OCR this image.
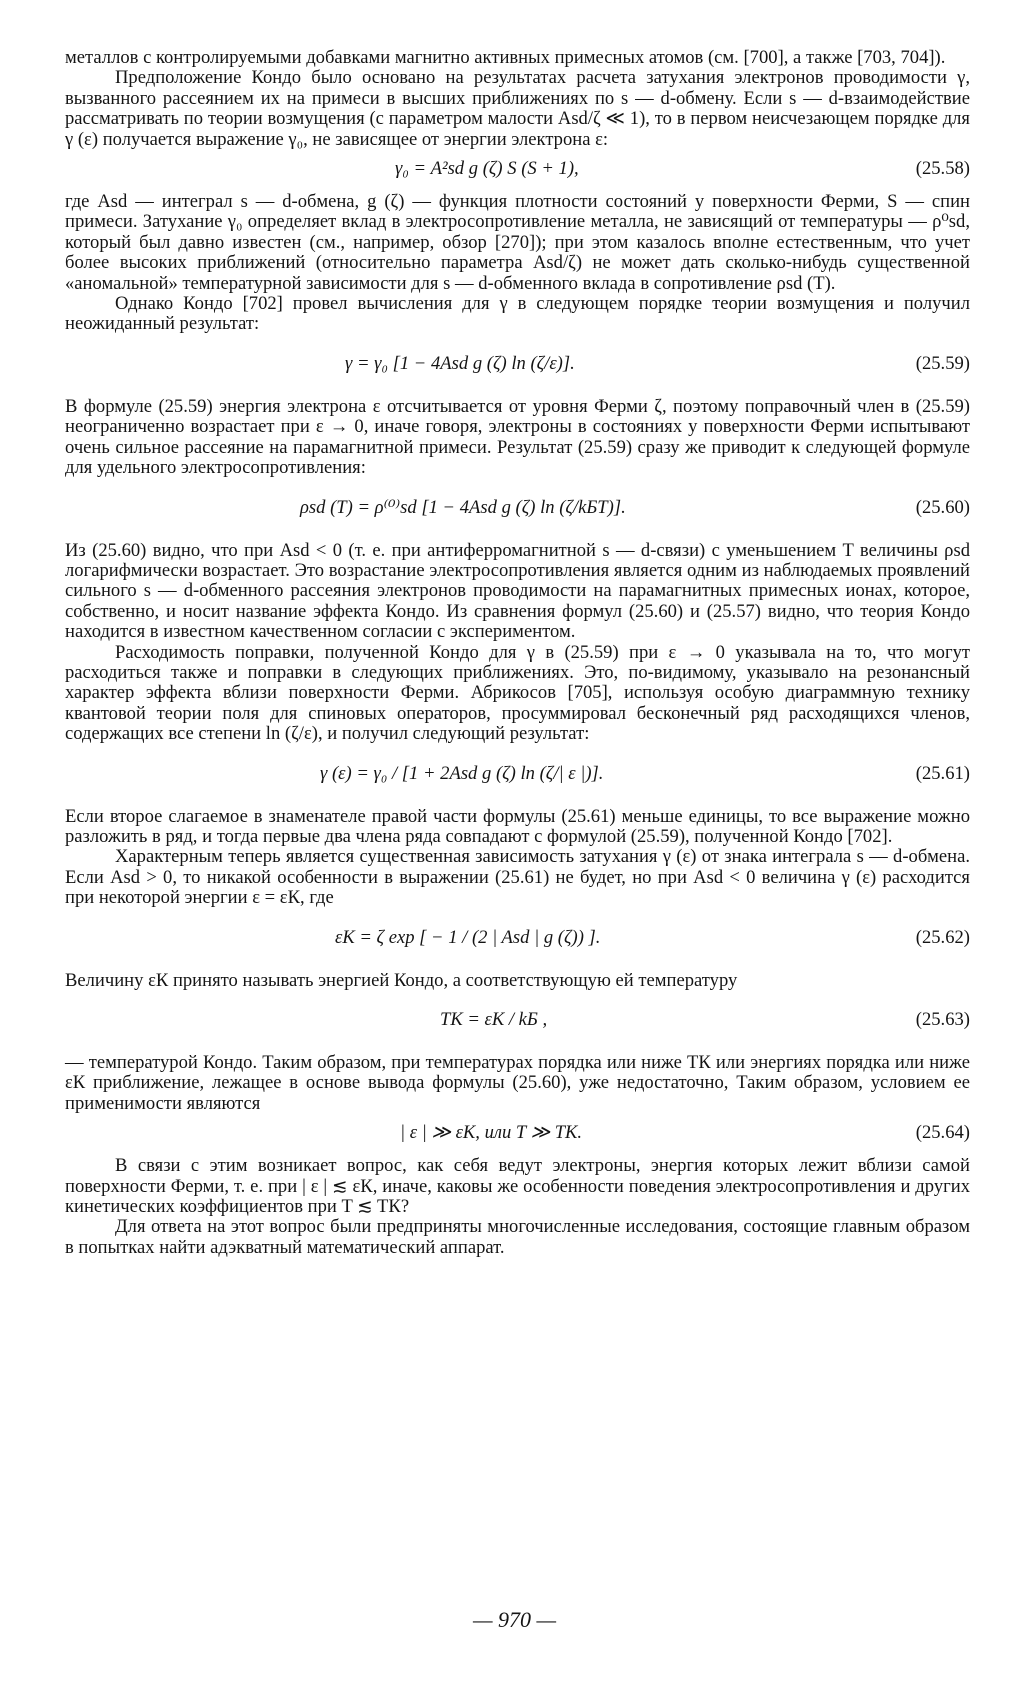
металлов с контролируемыми добавками магнитно активных примесных атомов (см. [700], а также [703, 704]).

Предположение Кондо было основано на результатах расчета затухания электронов проводимости γ, вызванного рассеянием их на примеси в высших приближениях по s — d-обмену. Если s — d-взаимодействие рассматривать по теории возмущения (с параметром малости Asd/ζ ≪ 1), то в первом неисчезающем порядке для γ (ε) получается выражение γ₀, не зависящее от энергии электрона ε:

γ₀ = A²sd g (ζ) S (S + 1),	(25.58)

где Asd — интеграл s — d-обмена, g (ζ) — функция плотности состояний у поверхности Ферми, S — спин примеси. Затухание γ₀ определяет вклад в электросопротивление металла, не зависящий от температуры — ρ⁰sd, который был давно известен (см., например, обзор [270]); при этом казалось вполне естественным, что учет более высоких приближений (относительно параметра Asd/ζ) не может дать сколько-нибудь существенной «аномальной» температурной зависимости для s — d-обменного вклада в сопротивление ρsd (T).

Однако Кондо [702] провел вычисления для γ в следующем порядке теории возмущения и получил неожиданный результат:

γ = γ₀ [1 − 4Asd g (ζ) ln (ζ/ε)].	(25.59)

В формуле (25.59) энергия электрона ε отсчитывается от уровня Ферми ζ, поэтому поправочный член в (25.59) неограниченно возрастает при ε → 0, иначе говоря, электроны в состояниях у поверхности Ферми испытывают очень сильное рассеяние на парамагнитной примеси. Результат (25.59) сразу же приводит к следующей формуле для удельного электросопротивления:

ρsd (T) = ρ⁽⁰⁾sd [1 − 4Asd g (ζ) ln (ζ/kБT)].	(25.60)

Из (25.60) видно, что при Asd < 0 (т. е. при антиферромагнитной s — d-связи) с уменьшением T величины ρsd логарифмически возрастает. Это возрастание электросопротивления является одним из наблюдаемых проявлений сильного s — d-обменного рассеяния электронов проводимости на парамагнитных примесных ионах, которое, собственно, и носит название эффекта Кондо. Из сравнения формул (25.60) и (25.57) видно, что теория Кондо находится в известном качественном согласии с экспериментом.

Расходимость поправки, полученной Кондо для γ в (25.59) при ε → 0 указывала на то, что могут расходиться также и поправки в следующих приближениях. Это, по-видимому, указывало на резонансный характер эффекта вблизи поверхности Ферми. Абрикосов [705], используя особую диаграммную технику квантовой теории поля для спиновых операторов, просуммировал бесконечный ряд расходящихся членов, содержащих все степени ln (ζ/ε), и получил следующий результат:

γ (ε) = γ₀ / [1 + 2Asd g (ζ) ln (ζ/| ε |)].	(25.61)

Если второе слагаемое в знаменателе правой части формулы (25.61) меньше единицы, то все выражение можно разложить в ряд, и тогда первые два члена ряда совпадают с формулой (25.59), полученной Кондо [702].

Характерным теперь является существенная зависимость затухания γ (ε) от знака интеграла s — d-обмена. Если Asd > 0, то никакой особенности в выражении (25.61) не будет, но при Asd < 0 величина γ (ε) расходится при некоторой энергии ε = εК, где

εК = ζ exp [ − 1 / (2 | Asd | g (ζ)) ].	(25.62)

Величину εК принято называть энергией Кондо, а соответствующую ей температуру

TК = εК / kБ ,	(25.63)

— температурой Кондо. Таким образом, при температурах порядка или ниже TК или энергиях порядка или ниже εК приближение, лежащее в основе вывода формулы (25.60), уже недостаточно, Таким образом, условием ее применимости являются

| ε | ≫ εК, или T ≫ TК.	(25.64)

В связи с этим возникает вопрос, как себя ведут электроны, энергия которых лежит вблизи самой поверхности Ферми, т. е. при | ε | ≲ εК, иначе, каковы же особенности поведения электросопротивления и других кинетических коэффициентов при T ≲ TК?

Для ответа на этот вопрос были предприняты многочисленные исследования, состоящие главным образом в попытках найти адэкватный математический аппарат.

— 970 —
